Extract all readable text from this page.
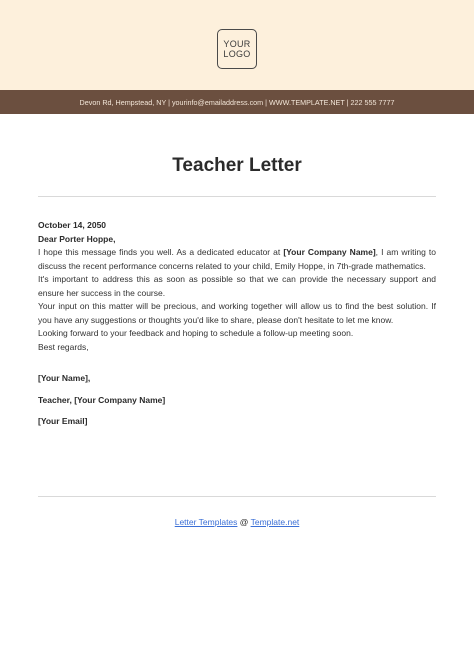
YOUR
LOGO
Devon Rd, Hempstead, NY | yourinfo@emailaddress.com | WWW.TEMPLATE.NET | 222 555 7777
Teacher Letter

October 14, 2050

Dear Porter Hoppe,

I hope this message finds you well. As a dedicated educator at [Your Company Name], I am writing to discuss the recent performance concerns related to your child, Emily Hoppe, in 7th-grade mathematics.

It's important to address this as soon as possible so that we can provide the necessary support and ensure her success in the course.

Your input on this matter will be precious, and working together will allow us to find the best solution. If you have any suggestions or thoughts you'd like to share, please don't hesitate to let me know.

Looking forward to your feedback and hoping to schedule a follow-up meeting soon.

Best regards,

[Your Name],

Teacher, [Your Company Name]

[Your Email]

Letter Templates @ Template.net
